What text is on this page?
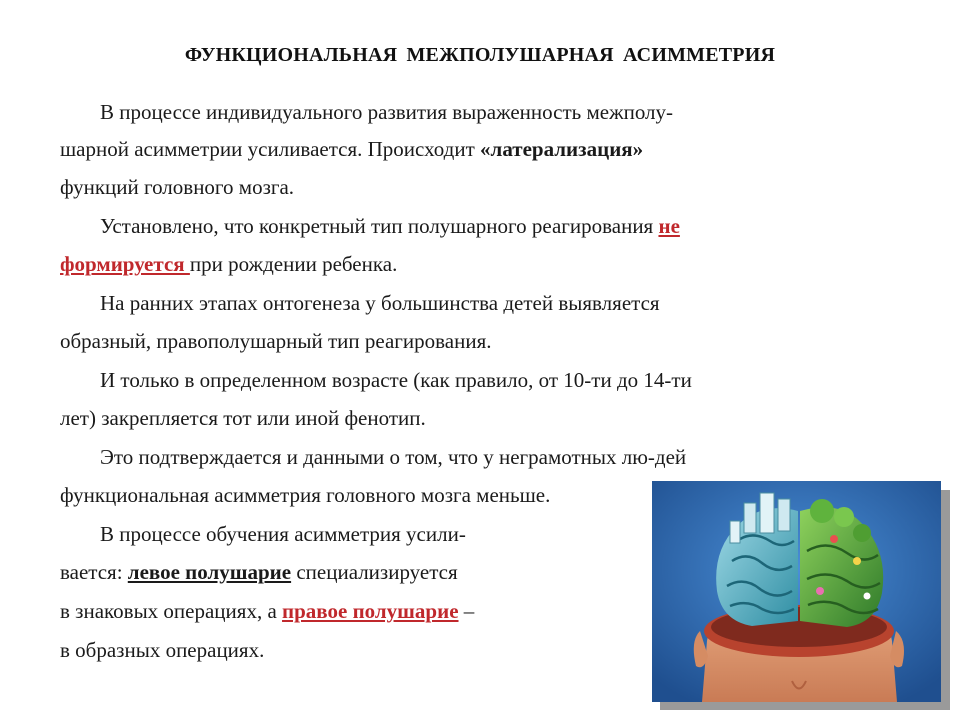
ФУНКЦИОНАЛЬНАЯ МЕЖПОЛУШАРНАЯ АСИММЕТРИЯ
В процессе индивидуального развития выраженность межполу-
шарной асимметрии усиливается. Происходит «латерализация»
функций головного мозга.
Установлено, что конкретный тип полушарного реагирования не
формируется при рождении ребенка.
На ранних этапах онтогенеза у большинства детей выявляется
образный, правополушарный тип реагирования.
И только в определенном возрасте (как правило, от 10-ти до 14-ти
лет) закрепляется тот или иной фенотип.
Это подтверждается и данными о том, что у неграмотных лю-дей
функциональная асимметрия головного мозга меньше.
В процессе обучения асимметрия усили-
вается: левое полушарие специализируется
в знаковых операциях, а правое полушарие –
в образных операциях.
